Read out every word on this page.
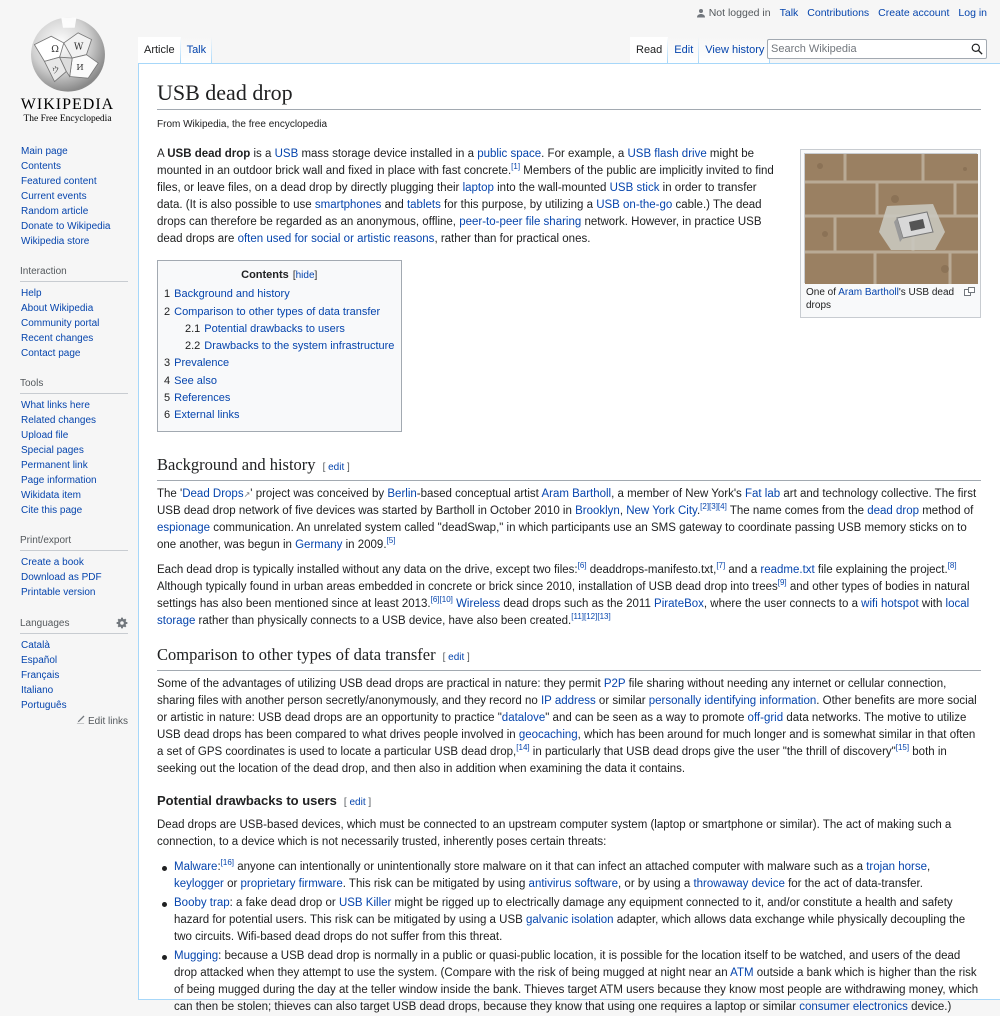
Not logged in Talk Contributions Create account Log in
Ω W
И
ウ
WIKIPEDIA
The Free Encyclopedia
Main page
Contents
Featured content
Current events
Random article
Donate to Wikipedia
Wikipedia store
Interaction
Help
About Wikipedia
Community portal
Recent changes
Contact page
Tools
What links here
Related changes
Upload file
Special pages
Permanent link
Page information
Wikidata item
Cite this page
Print/export
Create a book
Download as PDF
Printable version
Languages
Català
Español
Français
Italiano
Português
Edit links
Article	Talk	Read	Edit	View history
Search Wikipedia
USB dead drop
From Wikipedia, the free encyclopedia
One of Aram Bartholl's USB dead drops

A USB dead drop is a USB mass storage device installed in a public space. For example, a USB flash drive might be mounted in an outdoor brick wall and fixed in place with fast concrete.[1] Members of the public are implicitly invited to find files, or leave files, on a dead drop by directly plugging their laptop into the wall-mounted USB stick in order to transfer data. (It is also possible to use smartphones and tablets for this purpose, by utilizing a USB on-the-go cable.) The dead drops can therefore be regarded as an anonymous, offline, peer-to-peer file sharing network. However, in practice USB dead drops are often used for social or artistic reasons, rather than for practical ones.

Contents [hide]
1 Background and history
2 Comparison to other types of data transfer
2.1 Potential drawbacks to users
2.2 Drawbacks to the system infrastructure
3 Prevalence
4 See also
5 References
6 External links
Background and history [ edit ]

The 'Dead Drops↗' project was conceived by Berlin-based conceptual artist Aram Bartholl, a member of New York's Fat lab art and technology collective. The first USB dead drop network of five devices was started by Bartholl in October 2010 in Brooklyn, New York City.[2][3][4] The name comes from the dead drop method of espionage communication. An unrelated system called "deadSwap," in which participants use an SMS gateway to coordinate passing USB memory sticks on to one another, was begun in Germany in 2009.[5]

Each dead drop is typically installed without any data on the drive, except two files:[6] deaddrops-manifesto.txt,[7] and a readme.txt file explaining the project.[8] Although typically found in urban areas embedded in concrete or brick since 2010, installation of USB dead drop into trees[9] and other types of bodies in natural settings has also been mentioned since at least 2013.[6][10] Wireless dead drops such as the 2011 PirateBox, where the user connects to a wifi hotspot with local storage rather than physically connects to a USB device, have also been created.[11][12][13]

Comparison to other types of data transfer [ edit ]

Some of the advantages of utilizing USB dead drops are practical in nature: they permit P2P file sharing without needing any internet or cellular connection, sharing files with another person secretly/anonymously, and they record no IP address or similar personally identifying information. Other benefits are more social or artistic in nature: USB dead drops are an opportunity to practice "datalove" and can be seen as a way to promote off-grid data networks. The motive to utilize USB dead drops has been compared to what drives people involved in geocaching, which has been around for much longer and is somewhat similar in that often a set of GPS coordinates is used to locate a particular USB dead drop,[14] in particularly that USB dead drops give the user "the thrill of discovery"[15] both in seeking out the location of the dead drop, and then also in addition when examining the data it contains.

Potential drawbacks to users [ edit ]

Dead drops are USB-based devices, which must be connected to an upstream computer system (laptop or smartphone or similar). The act of making such a connection, to a device which is not necessarily trusted, inherently poses certain threats:

Malware:[16] anyone can intentionally or unintentionally store malware on it that can infect an attached computer with malware such as a trojan horse, keylogger or proprietary firmware. This risk can be mitigated by using antivirus software, or by using a throwaway device for the act of data-transfer.
Booby trap: a fake dead drop or USB Killer might be rigged up to electrically damage any equipment connected to it, and/or constitute a health and safety hazard for potential users. This risk can be mitigated by using a USB galvanic isolation adapter, which allows data exchange while physically decoupling the two circuits. Wifi-based dead drops do not suffer from this threat.
Mugging: because a USB dead drop is normally in a public or quasi-public location, it is possible for the location itself to be watched, and users of the dead drop attacked when they attempt to use the system. (Compare with the risk of being mugged at night near an ATM outside a bank which is higher than the risk of being mugged during the day at the teller window inside the bank. Thieves target ATM users because they know most people are withdrawing money, which can then be stolen; thieves can also target USB dead drops, because they know that using one requires a laptop or similar consumer electronics device.)
